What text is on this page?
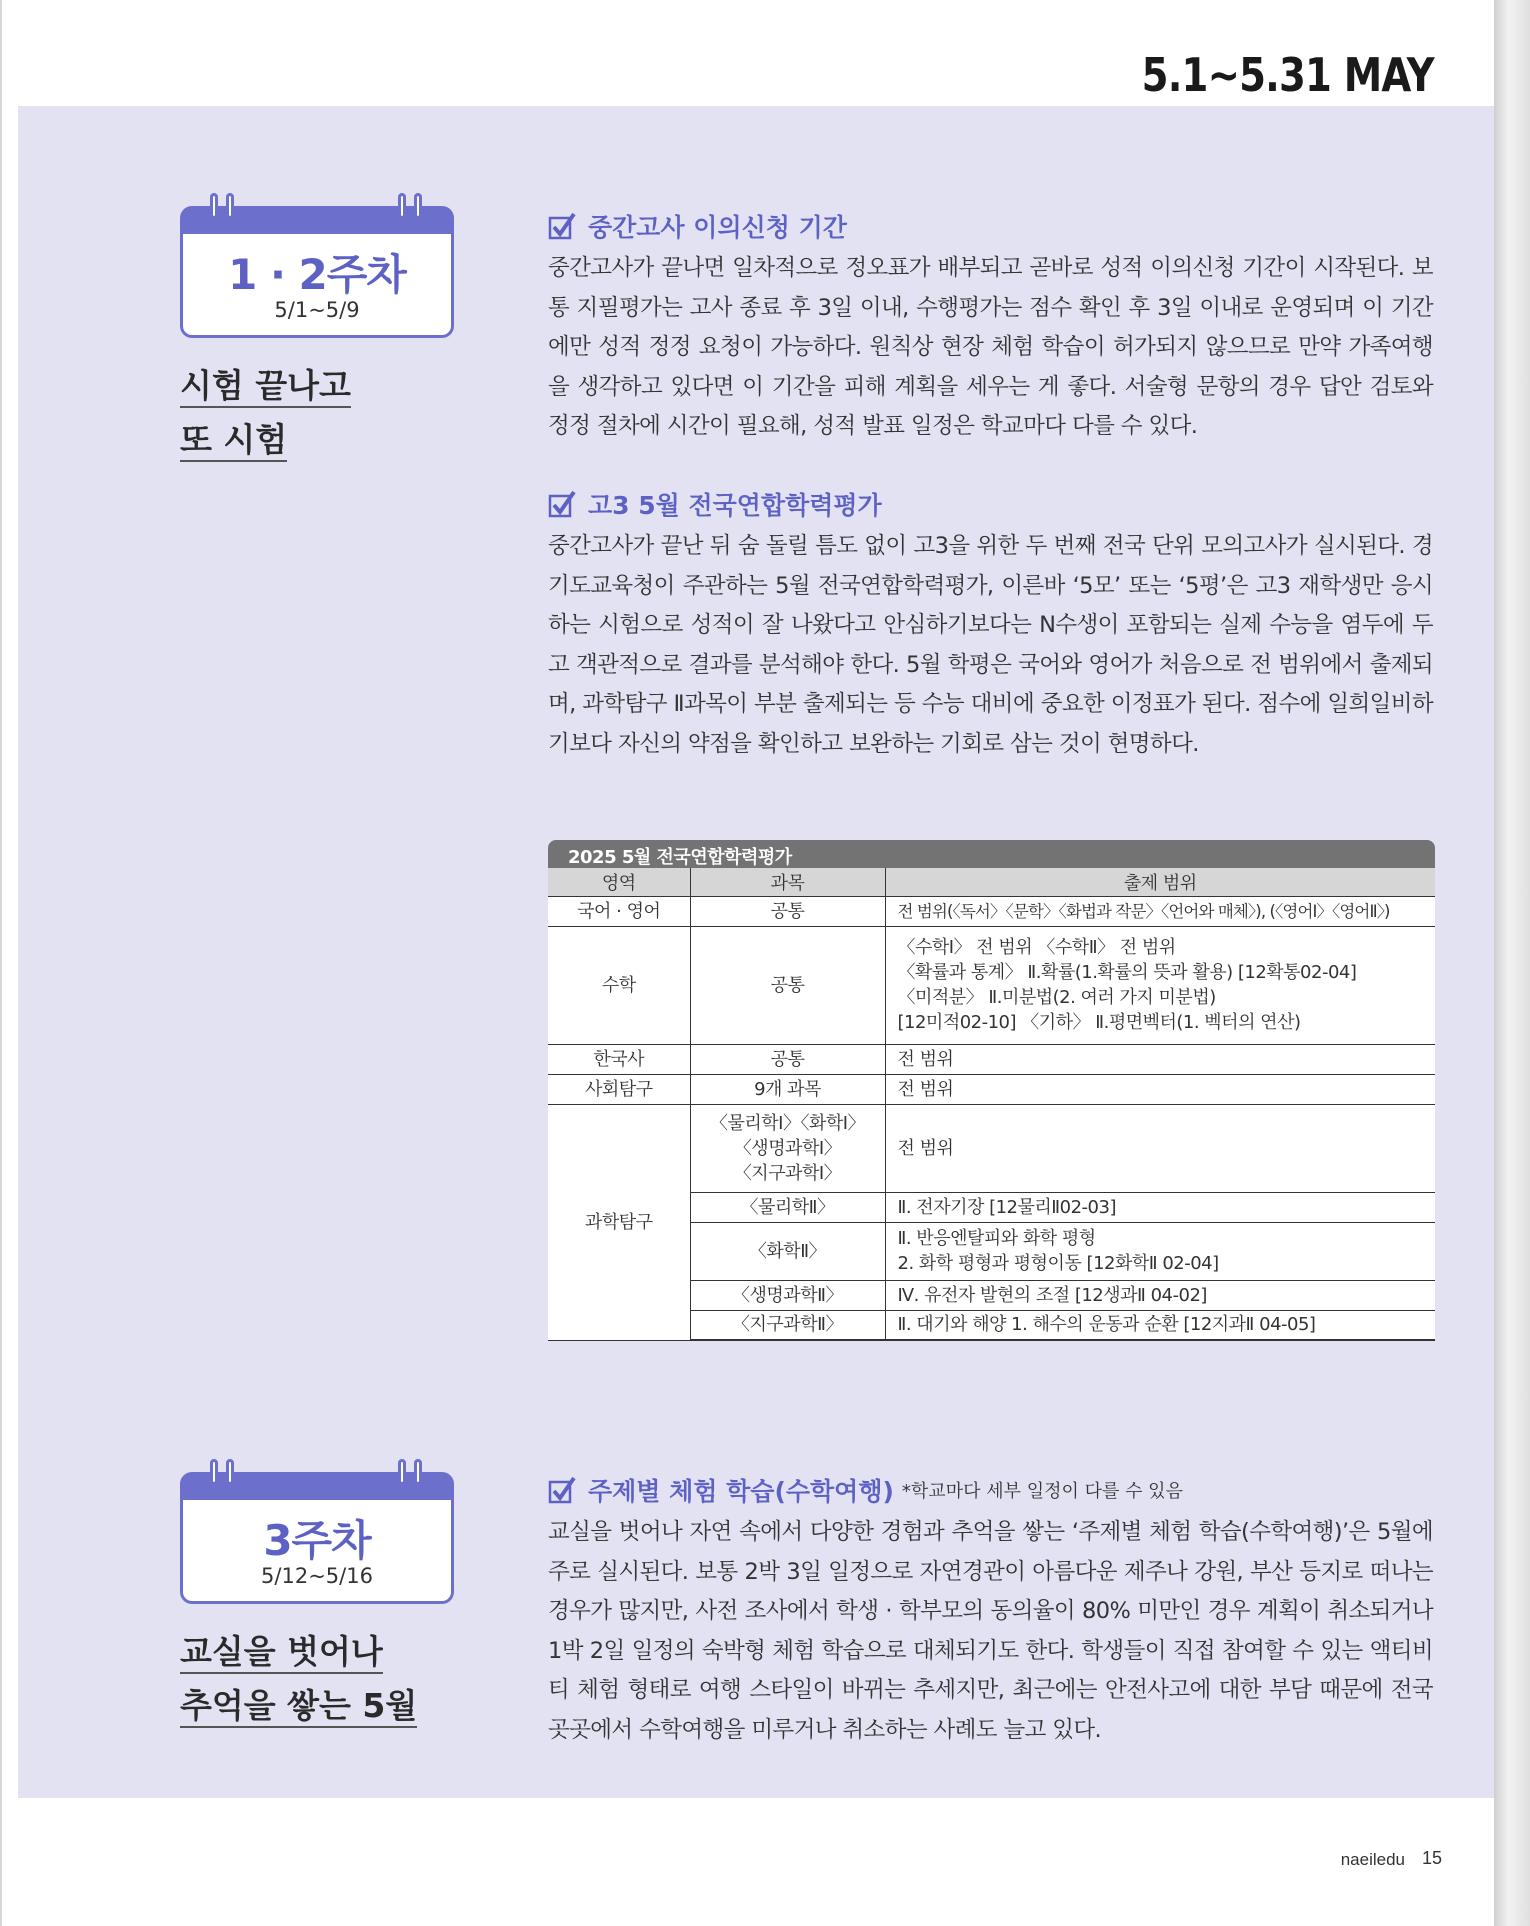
5.1~5.31 MAY
1 · 2주차
5/1~5/9
시험 끝나고
또 시험
중간고사 이의신청 기간

중간고사가 끝나면 일차적으로 정오표가 배부되고 곧바로 성적 이의신청 기간이 시작된다. 보통 지필평가는 고사 종료 후 3일 이내, 수행평가는 점수 확인 후 3일 이내로 운영되며 이 기간에만 성적 정정 요청이 가능하다. 원칙상 현장 체험 학습이 허가되지 않으므로 만약 가족여행을 생각하고 있다면 이 기간을 피해 계획을 세우는 게 좋다. 서술형 문항의 경우 답안 검토와 정정 절차에 시간이 필요해, 성적 발표 일정은 학교마다 다를 수 있다.

고3 5월 전국연합학력평가

중간고사가 끝난 뒤 숨 돌릴 틈도 없이 고3을 위한 두 번째 전국 단위 모의고사가 실시된다. 경기도교육청이 주관하는 5월 전국연합학력평가, 이른바 ‘5모’ 또는 ‘5평’은 고3 재학생만 응시하는 시험으로 성적이 잘 나왔다고 안심하기보다는 N수생이 포함되는 실제 수능을 염두에 두고 객관적으로 결과를 분석해야 한다. 5월 학평은 국어와 영어가 처음으로 전 범위에서 출제되며, 과학탐구 Ⅱ과목이 부분 출제되는 등 수능 대비에 중요한 이정표가 된다. 점수에 일희일비하기보다 자신의 약점을 확인하고 보완하는 기회로 삼는 것이 현명하다.

2025 5월 전국연합학력평가
영역	과목	출제 범위
국어 · 영어	공통	전 범위(〈독서〉〈문학〉〈화법과 작문〉〈언어와 매체〉), (〈영어Ⅰ〉〈영어Ⅱ〉)
수학	공통	〈수학Ⅰ〉 전 범위 〈수학Ⅱ〉 전 범위
〈확률과 통계〉 Ⅱ.확률(1.확률의 뜻과 활용) [12확통02-04]
〈미적분〉 Ⅱ.미분법(2. 여러 가지 미분법)
[12미적02-10] 〈기하〉 Ⅱ.평면벡터(1. 벡터의 연산)

한국사	공통	전 범위
사회탐구	9개 과목	전 범위
과학탐구	〈물리학Ⅰ〉〈화학Ⅰ〉
〈생명과학Ⅰ〉
〈지구과학Ⅰ〉	전 범위
	〈물리학Ⅱ〉	Ⅱ. 전자기장 [12물리Ⅱ02-03]
	〈화학Ⅱ〉	Ⅱ. 반응엔탈피와 화학 평형
2. 화학 평형과 평형이동 [12화학Ⅱ 02-04]

	〈생명과학Ⅱ〉	Ⅳ. 유전자 발현의 조절 [12생과Ⅱ 04-02]
	〈지구과학Ⅱ〉	Ⅱ. 대기와 해양 1. 해수의 운동과 순환 [12지과Ⅱ 04-05]
3주차
5/12~5/16
교실을 벗어나
추억을 쌓는 5월
주제별 체험 학습(수학여행) *학교마다 세부 일정이 다를 수 있음

교실을 벗어나 자연 속에서 다양한 경험과 추억을 쌓는 ‘주제별 체험 학습(수학여행)’은 5월에 주로 실시된다. 보통 2박 3일 일정으로 자연경관이 아름다운 제주나 강원, 부산 등지로 떠나는 경우가 많지만, 사전 조사에서 학생 · 학부모의 동의율이 80% 미만인 경우 계획이 취소되거나 1박 2일 일정의 숙박형 체험 학습으로 대체되기도 한다. 학생들이 직접 참여할 수 있는 액티비티 체험 형태로 여행 스타일이 바뀌는 추세지만, 최근에는 안전사고에 대한 부담 때문에 전국 곳곳에서 수학여행을 미루거나 취소하는 사례도 늘고 있다.

naeiledu 15
